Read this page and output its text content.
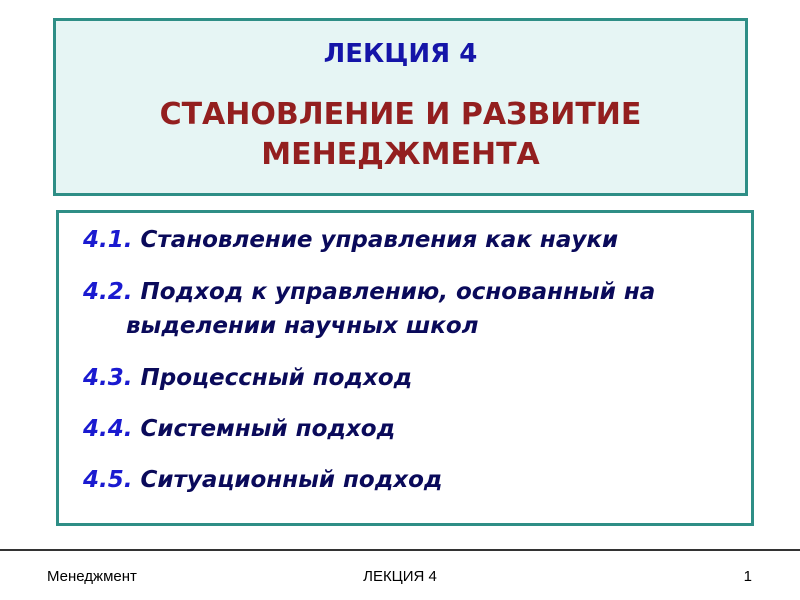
ЛЕКЦИЯ 4
СТАНОВЛЕНИЕ И РАЗВИТИЕ
МЕНЕДЖМЕНТА
4.1. Становление управления как науки
4.2. Подход к управлению, основанный на
выделении научных школ
4.3. Процессный подход
4.4. Системный подход
4.5. Ситуационный подход
Менеджмент	ЛЕКЦИЯ 4	1
